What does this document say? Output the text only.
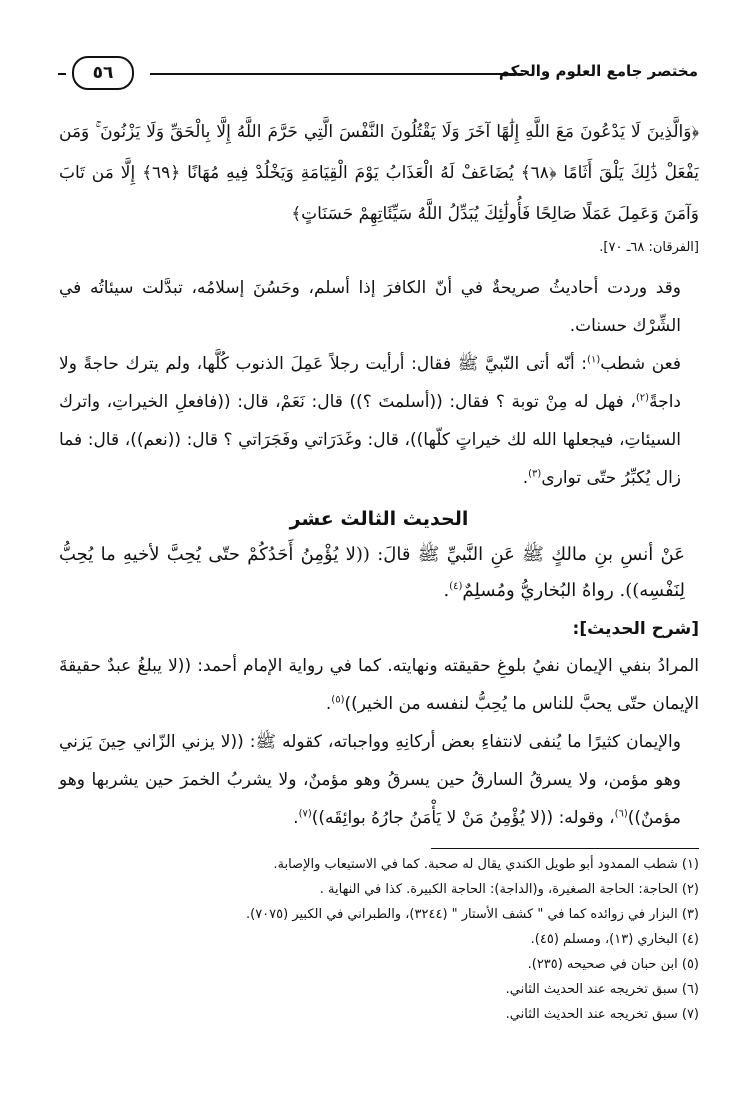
مختصر جامع العلوم والحكم
٥٦

﴿وَالَّذِينَ لَا يَدْعُونَ مَعَ اللَّهِ إِلَٰهًا آخَرَ وَلَا يَقْتُلُونَ النَّفْسَ الَّتِي حَرَّمَ اللَّهُ إِلَّا بِالْحَقِّ وَلَا يَزْنُونَ ۚ وَمَن يَفْعَلْ ذَٰلِكَ يَلْقَ أَثَامًا ﴿٦٨﴾ يُضَاعَفْ لَهُ الْعَذَابُ يَوْمَ الْقِيَامَةِ وَيَخْلُدْ فِيهِ مُهَانًا ﴿٦٩﴾ إِلَّا مَن تَابَ وَآمَنَ وَعَمِلَ عَمَلًا صَالِحًا فَأُولَٰئِكَ يُبَدِّلُ اللَّهُ سَيِّئَاتِهِمْ حَسَنَاتٍ﴾

[الفرقان: ٦٨ـ ٧٠].

وقد وردت أحاديثُ صريحةٌ في أنّ الكافرَ إذا أسلم، وحَسُنَ إسلامُه، تبدَّلت سيئاتُه في الشِّرْك حسنات.

فعن شطب$^{(١)}$: أنّه أتى النّبيَّ ﷺ فقال: أرأيت رجلاً عَمِلَ الذنوب كُلَّها، ولم يترك حاجةً ولا داجةً$^{(٢)}$، فهل له مِنْ توبة ؟ فقال: ((أسلمتَ ؟)) قال: نَعَمْ، قال: ((فافعلِ الخيراتِ، واترك السيئاتِ، فيجعلها الله لك خيراتٍ كلّها))، قال: وغَدَرَاتي وفَجَرَاتي ؟ قال: ((نعم))، قال: فما زال يُكبِّرُ حتّى توارى$^{(٣)}$.

الحديث الثالث عشر

عَنْ أنسِ بنِ مالكٍ ﷺ عَنِ النَّبيِّ ﷺ قالَ: ((لا يُؤْمِنُ أَحَدُكُمْ حتّى يُحِبَّ لأخيهِ ما يُحِبُّ لِنَفْسِه)). رواهُ البُخاريُّ ومُسلِمٌ$^{(٤)}$.

[شرح الحديث]:

المرادُ بنفي الإيمان نفيُ بلوغِ حقيقته ونهايته. كما في رواية الإمام أحمد: ((لا يبلغُ عبدٌ حقيقةَ الإيمان حتّى يحبَّ للناس ما يُحِبُّ لنفسه من الخير))$^{(٥)}$.

والإيمان كثيرًا ما يُنفى لانتفاءِ بعض أركانِهِ وواجباته، كقوله ﷺ: ((لا يزني الزّاني حِينَ يَزني وهو مؤمن، ولا يسرقُ السارقُ حين يسرقُ وهو مؤمنٌ، ولا يشربُ الخمرَ حين يشربها وهو مؤمنٌ))$^{(٦)}$، وقوله: ((لا يُؤْمِنُ مَنْ لا يَأْمَنُ جارُهُ بوائِقَه))$^{(٧)}$.

(١) شطب الممدود أبو طويل الكندي يقال له صحبة. كما في الاستيعاب والإصابة.
(٢) الحاجة: الحاجة الصغيرة، و(الداجة): الحاجة الكبيرة. كذا في النهاية .
(٣) البزار في زوائده كما في " كشف الأستار " (٣٢٤٤)، والطبراني في الكبير (٧٠٧٥).
(٤) البخاري (١٣)، ومسلم (٤٥).
(٥) ابن حبان في صحيحه (٢٣٥).
(٦) سبق تخريجه عند الحديث الثاني.
(٧) سبق تخريجه عند الحديث الثاني.
